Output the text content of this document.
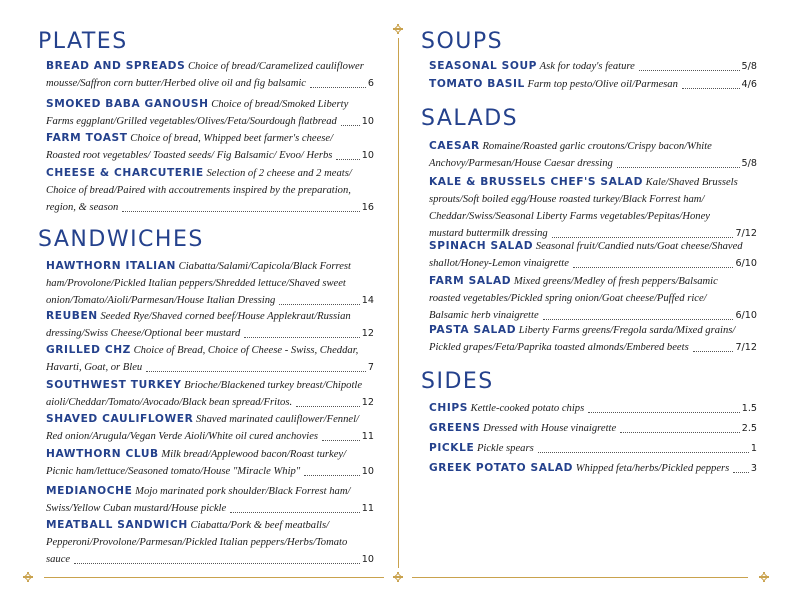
PLATES
BREAD AND SPREADS
Choice of bread/Caramelized cauliflower
mousse/Saffron corn butter/Herbed olive oil and fig balsamic	6
SMOKED BABA GANOUSH
Choice of bread/Smoked Liberty
Farms eggplant/Grilled vegetables/Olives/Feta/Sourdough flatbread	10
FARM TOAST
Choice of bread, Whipped beet farmer's cheese/
Roasted root vegetables/ Toasted seeds/ Fig Balsamic/ Evoo/ Herbs	10
CHEESE & CHARCUTERIE
Selection of 2 cheese and 2 meats/
Choice of bread/Paired with accoutrements inspired by the preparation,
region, & season	16
SANDWICHES
HAWTHORN ITALIAN
Ciabatta/Salami/Capicola/Black Forrest
ham/Provolone/Pickled Italian peppers/Shredded lettuce/Shaved sweet
onion/Tomato/Aioli/Parmesan/House Italian Dressing	14
REUBEN
Seeded Rye/Shaved corned beef/House Applekraut/Russian
dressing/Swiss Cheese/Optional beer mustard	12
GRILLED CHZ
Choice of Bread, Choice of Cheese - Swiss, Cheddar,
Havarti, Goat, or Bleu	7
SOUTHWEST TURKEY
Brioche/Blackened turkey breast/Chipotle
aioli/Cheddar/Tomato/Avocado/Black bean spread/Fritos.	12
SHAVED CAULIFLOWER
Shaved marinated cauliflower/Fennel/
Red onion/Arugula/Vegan Verde Aioli/White oil cured anchovies	11
HAWTHORN CLUB
Milk bread/Applewood bacon/Roast turkey/
Picnic ham/lettuce/Seasoned tomato/House "Miracle Whip"	10
MEDIANOCHE
Mojo marinated pork shoulder/Black Forrest ham/
Swiss/Yellow Cuban mustard/House pickle	11
MEATBALL SANDWICH
Ciabatta/Pork & beef meatballs/
Pepperoni/Provolone/Parmesan/Pickled Italian peppers/Herbs/Tomato
sauce	10
SOUPS
SEASONAL SOUP
Ask for today's feature	5/8
TOMATO BASIL
Farm top pesto/Olive oil/Parmesan	4/6
SALADS
CAESAR
Romaine/Roasted garlic croutons/Crispy bacon/White
Anchovy/Parmesan/House Caesar dressing	5/8
KALE & BRUSSELS CHEF'S SALAD
Kale/Shaved Brussels
sprouts/Soft boiled egg/House roasted turkey/Black Forrest ham/
Cheddar/Swiss/Seasonal Liberty Farms vegetables/Pepitas/Honey
mustard buttermilk dressing	7/12
SPINACH SALAD
Seasonal fruit/Candied nuts/Goat cheese/Shaved
shallot/Honey-Lemon vinaigrette	6/10
FARM SALAD
Mixed greens/Medley of fresh peppers/Balsamic
roasted vegetables/Pickled spring onion/Goat cheese/Puffed rice/
Balsamic herb vinaigrette	6/10
PASTA SALAD
Liberty Farms greens/Fregola sarda/Mixed grains/
Pickled grapes/Feta/Paprika toasted almonds/Embered beets	7/12
SIDES
CHIPS
Kettle-cooked potato chips	1.5
GREENS
Dressed with House vinaigrette	2.5
PICKLE
Pickle spears	1
GREEK POTATO SALAD
Whipped feta/herbs/Pickled peppers 3
